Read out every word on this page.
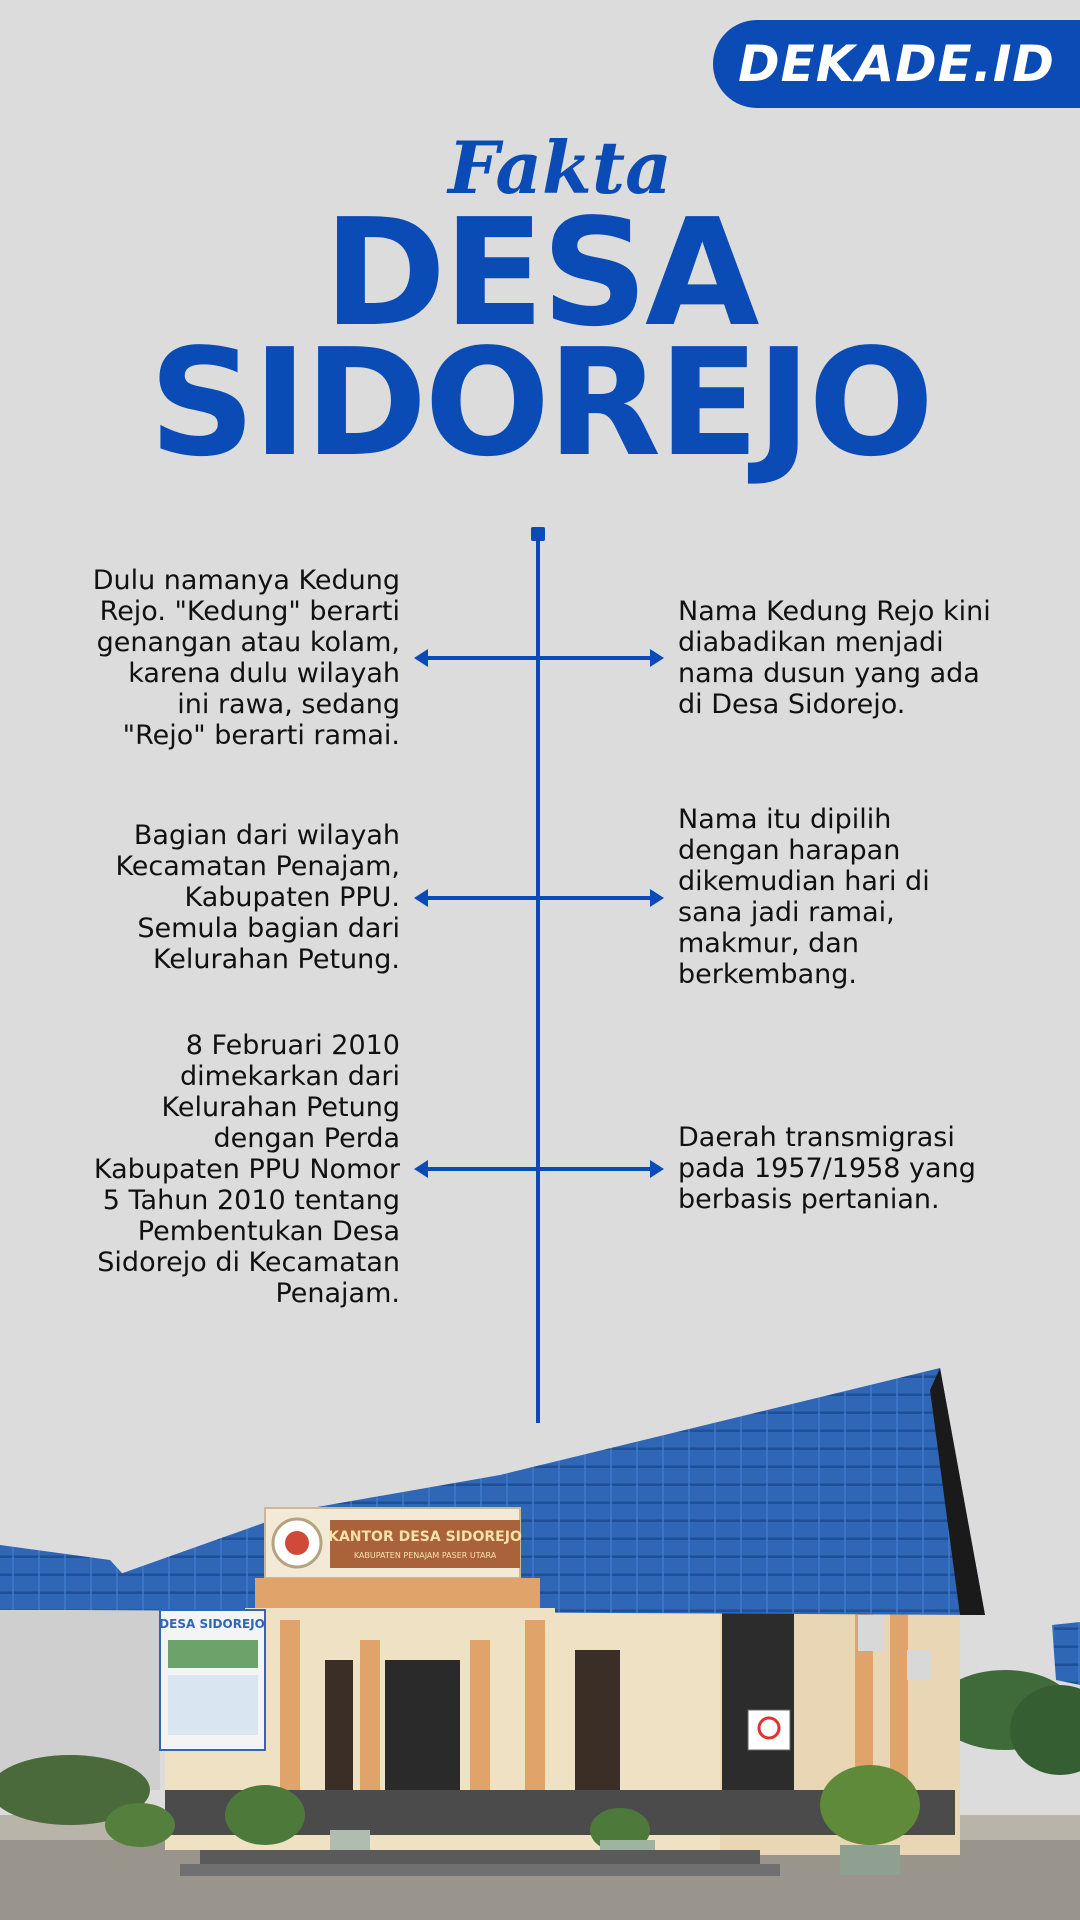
DEKADE.ID
Fakta
DESA
SIDOREJO
Dulu namanya Kedung Rejo. "Kedung" berarti genangan atau kolam, karena dulu wilayah ini rawa, sedang "Rejo" berarti ramai.
Bagian dari wilayah Kecamatan Penajam, Kabupaten PPU. Semula bagian dari Kelurahan Petung.
8 Februari 2010 dimekarkan dari Kelurahan Petung dengan Perda Kabupaten PPU Nomor 5 Tahun 2010 tentang Pembentukan Desa Sidorejo di Kecamatan Penajam.
Nama Kedung Rejo kini diabadikan menjadi nama dusun yang ada di Desa Sidorejo.
Nama itu dipilih dengan harapan dikemudian hari di sana jadi ramai, makmur, dan berkembang.
Daerah transmigrasi pada 1957/1958 yang berbasis pertanian.
KANTOR DESA SIDOREJO
KABUPATEN PENAJAM PASER UTARA
DESA SIDOREJO
